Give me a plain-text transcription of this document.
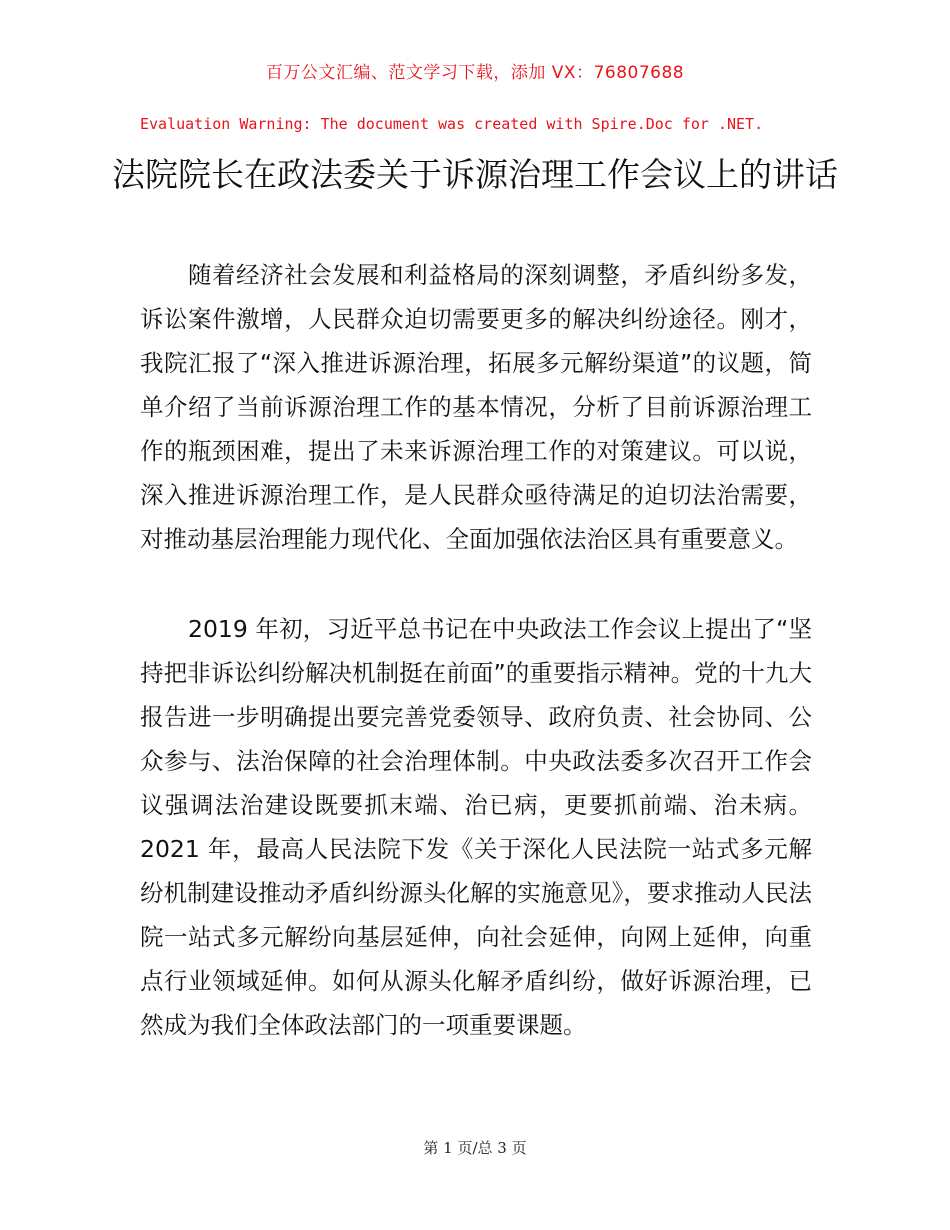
百万公文汇编、范文学习下载，添加 VX：76807688
Evaluation Warning: The document was created with Spire.Doc for .NET.
法院院长在政法委关于诉源治理工作会议上的讲话

随着经济社会发展和利益格局的深刻调整，矛盾纠纷多发，诉讼案件激增，人民群众迫切需要更多的解决纠纷途径。刚才，我院汇报了“深入推进诉源治理，拓展多元解纷渠道”的议题，简单介绍了当前诉源治理工作的基本情况，分析了目前诉源治理工作的瓶颈困难，提出了未来诉源治理工作的对策建议。可以说，深入推进诉源治理工作，是人民群众亟待满足的迫切法治需要，对推动基层治理能力现代化、全面加强依法治区具有重要意义。

2019 年初，习近平总书记在中央政法工作会议上提出了“坚持把非诉讼纠纷解决机制挺在前面”的重要指示精神。党的十九大报告进一步明确提出要完善党委领导、政府负责、社会协同、公众参与、法治保障的社会治理体制。中央政法委多次召开工作会议强调法治建设既要抓末端、治已病，更要抓前端、治未病。2021 年，最高人民法院下发《关于深化人民法院一站式多元解纷机制建设推动矛盾纠纷源头化解的实施意见》，要求推动人民法院一站式多元解纷向基层延伸，向社会延伸，向网上延伸，向重点行业领域延伸。如何从源头化解矛盾纠纷，做好诉源治理，已然成为我们全体政法部门的一项重要课题。

第 1 页/总 3 页
